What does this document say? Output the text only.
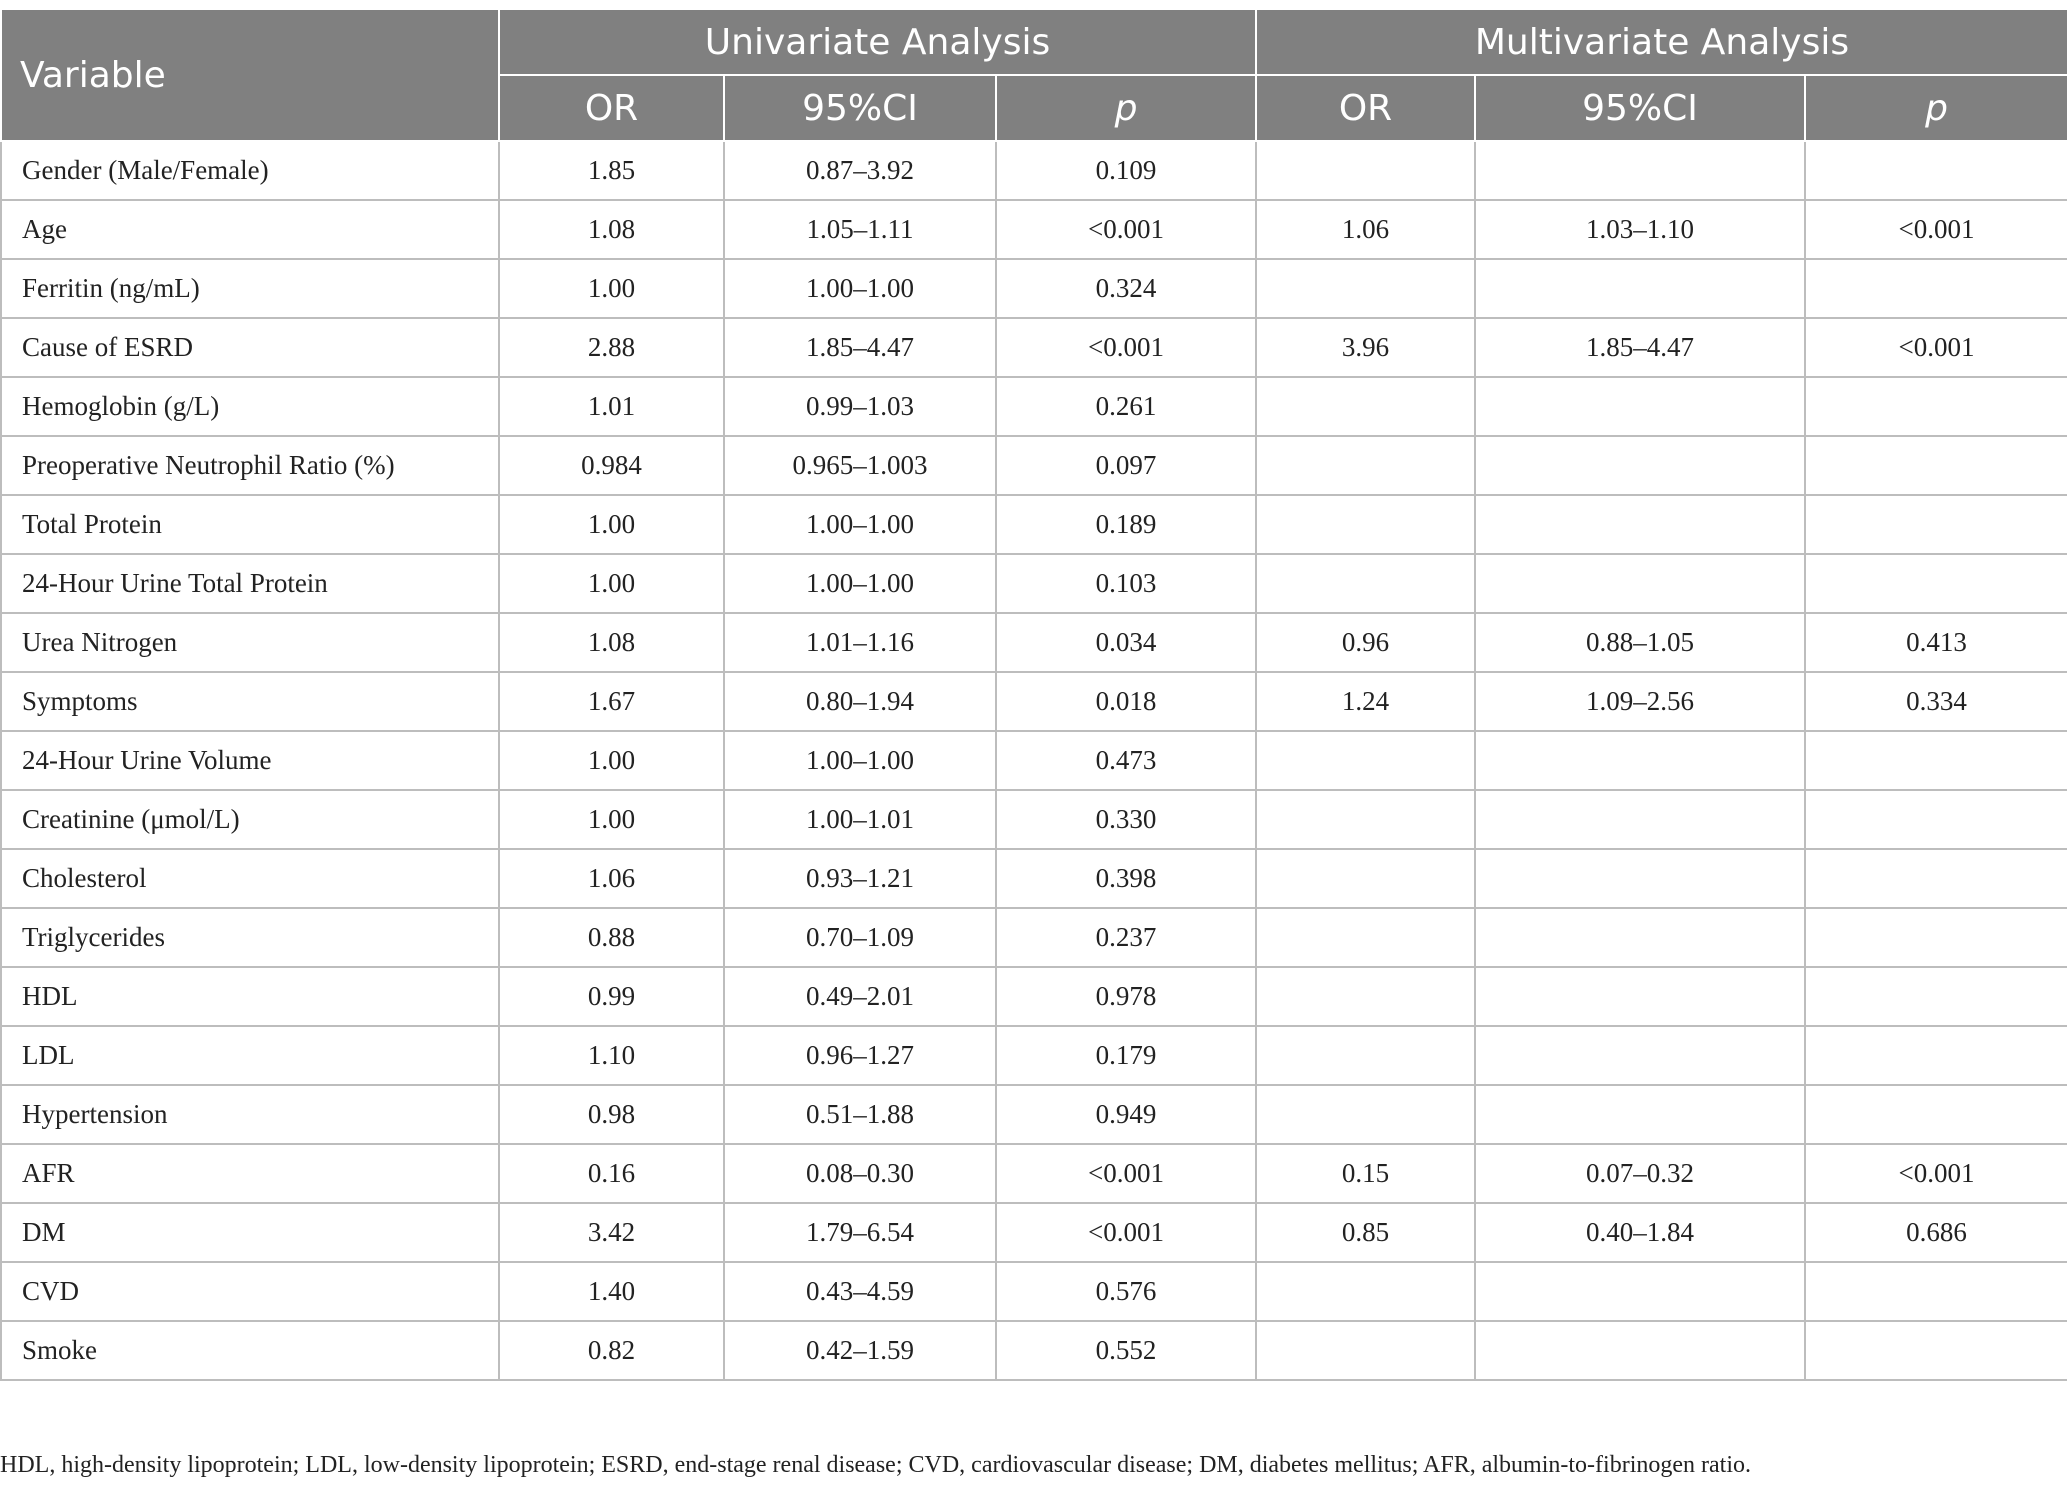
Variable	Univariate Analysis			Multivariate Analysis		
	OR	95%CI	p	OR	95%CI	p
Gender (Male/Female)	1.85	0.87–3.92	0.109			
Age	1.08	1.05–1.11	<0.001	1.06	1.03–1.10	<0.001
Ferritin (ng/mL)	1.00	1.00–1.00	0.324			
Cause of ESRD	2.88	1.85–4.47	<0.001	3.96	1.85–4.47	<0.001
Hemoglobin (g/L)	1.01	0.99–1.03	0.261			
Preoperative Neutrophil Ratio (%)	0.984	0.965–1.003	0.097			
Total Protein	1.00	1.00–1.00	0.189			
24-Hour Urine Total Protein	1.00	1.00–1.00	0.103			
Urea Nitrogen	1.08	1.01–1.16	0.034	0.96	0.88–1.05	0.413
Symptoms	1.67	0.80–1.94	0.018	1.24	1.09–2.56	0.334
24-Hour Urine Volume	1.00	1.00–1.00	0.473			
Creatinine (μmol/L)	1.00	1.00–1.01	0.330			
Cholesterol	1.06	0.93–1.21	0.398			
Triglycerides	0.88	0.70–1.09	0.237			
HDL	0.99	0.49–2.01	0.978			
LDL	1.10	0.96–1.27	0.179			
Hypertension	0.98	0.51–1.88	0.949			
AFR	0.16	0.08–0.30	<0.001	0.15	0.07–0.32	<0.001
DM	3.42	1.79–6.54	<0.001	0.85	0.40–1.84	0.686
CVD	1.40	0.43–4.59	0.576			
Smoke	0.82	0.42–1.59	0.552			
HDL, high-density lipoprotein; LDL, low-density lipoprotein; ESRD, end-stage renal disease; CVD, cardiovascular disease; DM, diabetes mellitus; AFR, albumin-to-fibrinogen ratio.
